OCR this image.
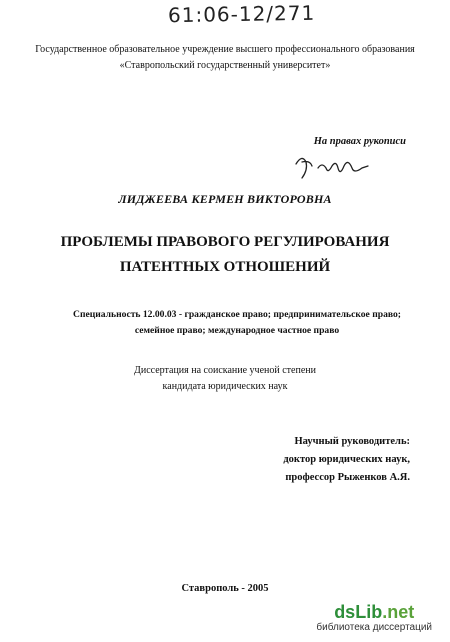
61:06-12/271
Государственное образовательное учреждение высшего профессионального образования
«Ставропольский государственный университет»
На правах рукописи
ЛИДЖЕЕВА КЕРМЕН ВИКТОРОВНА
ПРОБЛЕМЫ ПРАВОВОГО РЕГУЛИРОВАНИЯ
ПАТЕНТНЫХ ОТНОШЕНИЙ
Специальность 12.00.03 - гражданское право; предпринимательское право;
семейное право; международное частное право
Диссертация на соискание ученой степени
кандидата юридических наук
Научный руководитель:
доктор юридических наук,
профессор Рыженков А.Я.
Ставрополь - 2005
dsLib.net
библиотека диссертаций
